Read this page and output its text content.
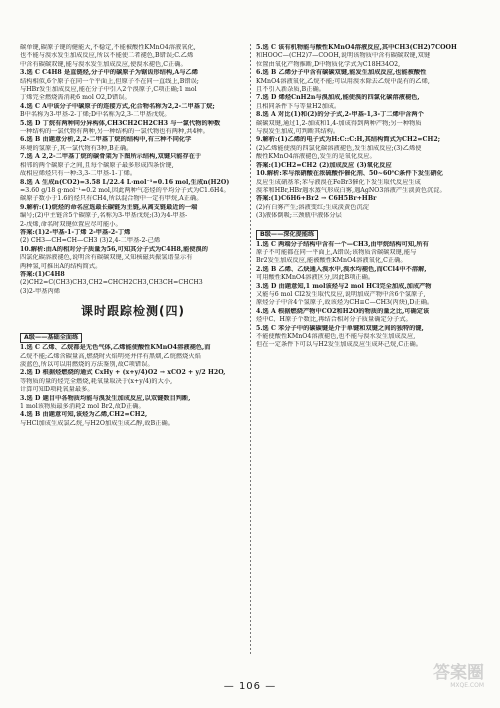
碳单键,碳原子键的健能大,不稳定,不能被酸性KMnO4溶液氧化,
也不能与溴水发生加成反应,所以不能使二者褪色,B错误;C.乙烯
中含有碳碳双键,能与溴水发生加成反应,使溴水褪色,C正确。
3.选 C C4H8 是直链烃,分子中的碳原子为锯齿形结构,A与乙烯
结构相似,6个原子在同一个平面上,但原子不在同一直线上,B错误;
与HBr发生加成反应,能在分子中引入2个溴原子,C项正确;1 mol
丁烯完全燃烧需消耗6 mol O2,D错误。
4.选 C A中该分子中碳原子的连接方式,化合物名称为2,2-二甲基丁烷;
B中名称为3-甲基-2-丁烯;D中名称为2,3-二甲基戊烷。
5.选 D 丁烷有两种同分异构体,CH3CH2CH2CH3 与一氯代物的种数
一种结构的一氯代物有两种,另一种结构的一氯代物也有两种,共4种。
6.选 B 由题意分析,2,2-二甲基丁烷的结构中,有三种不同化学
环境的氢原子,其一氯代物有3种,B正确。
7.选 A 2,2-二甲基丁烷的碳骨架为下图所示结构,双键只能存在于
相邻的两个碳原子之间,且每个碳原子最多形成四条价键,
故相应烯烃只有一种:3,3-二甲基-1-丁烯。
8.选 A 生成n(CO2)=3.58 L/22.4 L·mol⁻¹=0.16 mol,生成n(H2O)
=3.60 g/18 g·mol⁻¹=0.2 mol,因此两种气态烃的平均分子式为C1.6H4。
碳原子数小于1.6的烃只有CH4,所以混合物中一定有甲烷,A正确。
9.解析:(1)烷烃的命名应选最长碳链为主链,从离支链最近的一端
编号;(2)中主链含5个碳原子,名称为3-甲基戊烷;(3)为4-甲基-
2-戊烯,命名时双键位置应尽可能小。
答案:(1)2-甲基-1-丁烯 2-甲基-2-丁烯
(2) CH3—CH=CH—CH3 (3)2,4-二甲基-2-己烯
10.解析:由A的相对分子质量为56,可知其分子式为C4H8,能使溴的
四氯化碳溶液褪色,说明含有碳碳双键,又知核磁共振氢谱显示有
两种氢,可推出A的结构简式。
答案:(1)C4H8
(2)CH2=C(CH3)CH3,CH2=CHCH2CH3,CH3CH=CHCH3
(3)2-甲基丙烯
课时跟踪检测(四)
A级——基础全面练
1.选 C 乙烯、乙烷都是无色气体,乙烯能使酸性KMnO4溶液褪色,而
乙烷不能;乙烯含碳量高,燃烧时火焰明亮并伴有黑烟,乙烷燃烧火焰
淡蓝色,所以可以用燃烧的方法鉴别,故C项错误。
2.选 D 根据烃燃烧的通式 CxHy + (x+y/4)O2 → xCO2 + y/2 H2O,
等物质的量的烃完全燃烧,耗氧量取决于(x+y/4)的大小,
计算可知D项耗氧量最多。
3.选 D 题目中各物质均能与溴发生加成反应,以双键数目判断,
1 mol该物质最多消耗2 mol Br2,故D正确。
4.选 B 由题意可知,该烃为乙烯,CH2=CH2,
与HCl加成生成氯乙烷,与H2O加成生成乙醇,故B正确。
5.选 C 该有机物能与酸性KMnO4溶液反应,其中CH3(CH2)7COOH
和HOOC—(CH2)7—COOH,说明该物质中含有碳碳双键,双键
位置由氧化产物推断,D中物质化学式为C18H34O2,
6.选 B 乙烯分子中含有碳碳双键,能发生加成反应,也能被酸性
KMnO4溶液氧化,乙烷不能;可以用溴水除去乙烷中混有的乙烯,
且不引入新杂质,B正确。
7.选 D 烯烃CnH2n与溴加成,能使溴的四氯化碳溶液褪色,
且相同条件下与等量H2加成。
8.选 A 对比(1)和(2)的分子式,2-甲基-1,3-丁二烯中含两个
碳碳双键,通过1,2-加成和1,4-加成得到两种产物;另一种物质
与溴发生加成,可判断其结构。
9.解析:(1)乙烯的电子式为H:C::C:H,其结构简式为CH2=CH2;
(2)乙烯能使溴的四氯化碳溶液褪色,发生加成反应;(3)乙烯使
酸性KMnO4溶液褪色,发生的是氧化反应。
答案:(1)CH2=CH2 (2)加成反应 (3)氧化反应
10.解析:苯与浓硝酸在浓硫酸作催化剂、50~60℃条件下发生硝化
反应生成硝基苯;苯与液溴在FeBr3催化下发生取代反应生成
溴苯和HBr,HBr遇水蒸气形成白雾,遇AgNO3溶液产生淡黄色沉淀。
答案:(1)C6H6+Br2 → C6H5Br+HBr
(2)有白雾产生;溶液变红;生成淡黄色沉淀
(3)液体倒吸;三颈瓶中液体分层
B级——深化提能练
1.选 C 两端分子结构中含有一个—CH3,由甲烷结构可知,所有
原子不可能都在同一平面上,A错误;该物质含碳碳双键,能与
Br2发生加成反应,能被酸性KMnO4溶液氧化,C正确。
2.选 B 乙烯、乙炔通入溴水中,溴水均褪色,而CCl4中不溶解,
可用酸性KMnO4溶液区分,因此B项正确。
3.选 D 由题意知,1 mol该烃与2 mol HCl完全加成,加成产物
又能与6 mol Cl2发生取代反应,说明加成产物中含6个氢原子,
原烃分子中含4个氢原子,故该烃为CH≡C—CH3(丙炔),D正确。
4.选 A 根据燃烧产物中CO2和H2O的物质的量之比,可确定该
烃中C、H原子个数比,再结合相对分子质量确定分子式。
5.选 C 苯分子中的碳碳键是介于单键和双键之间的独特的键,
不能使酸性KMnO4溶液褪色,也不能与溴水发生加成反应,
但在一定条件下可以与H2发生加成反应生成环己烷,C正确。
— 106 —
答案圈
MXQE.COM
